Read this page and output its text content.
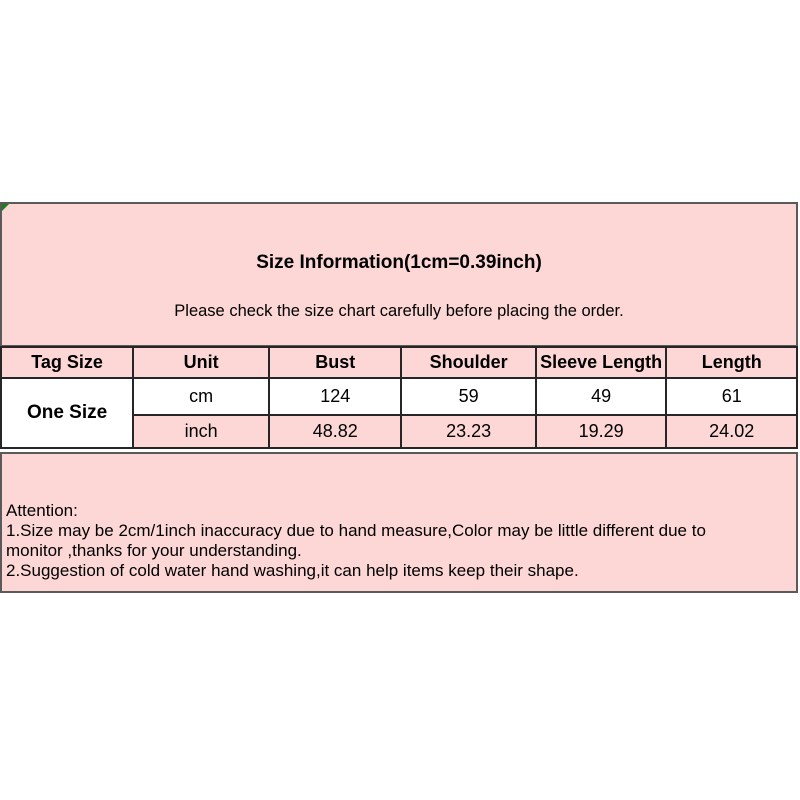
Size Information(1cm=0.39inch)
Please check the size chart carefully before placing the order.
Tag Size	Unit	Bust	Shoulder	Sleeve Length	Length
One Size	cm	124	59	49	61
	inch	48.82	23.23	19.29	24.02

Attention:

1.Size may be 2cm/1inch inaccuracy due to hand measure,Color may be little different due to

monitor ,thanks for your understanding.

2.Suggestion of cold water hand washing,it can help items keep their shape.
